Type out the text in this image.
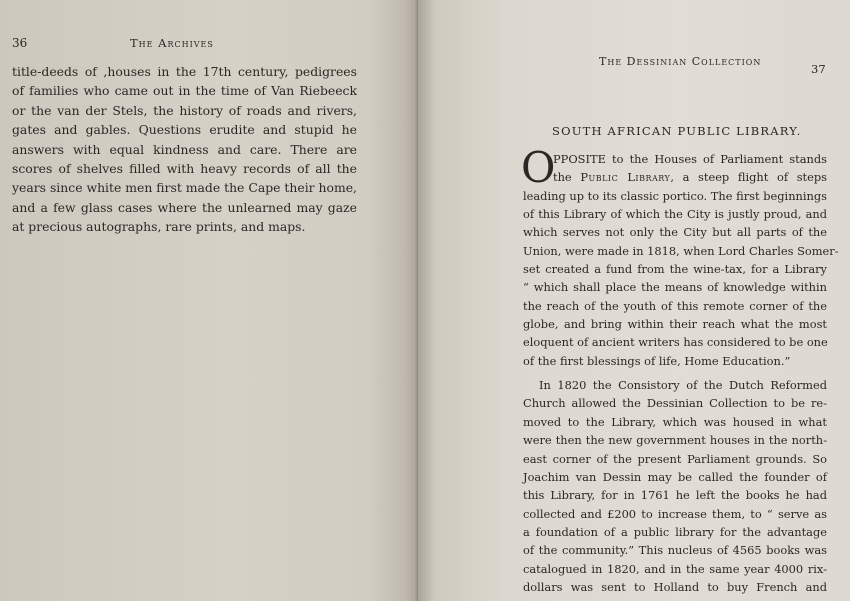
36	The Archives
title-deeds of ,houses in the 17th century, pedigrees
of families who came out in the time of Van Riebeeck
or the van der Stels, the history of roads and rivers,
gates and gables. Questions erudite and stupid he
answers with equal kindness and care. There are
scores of shelves filled with heavy records of all the
years since white men first made the Cape their home,
and a few glass cases where the unlearned may gaze
at precious autographs, rare prints, and maps.
The Dessinian Collection
37
SOUTH AFRICAN PUBLIC LIBRARY.
O
PPOSITE to the Houses of Parliament stands
the Public Library, a steep flight of steps
leading up to its classic portico. The first beginnings
of this Library of which the City is justly proud, and
which serves not only the City but all parts of the
Union, were made in 1818, when Lord Charles Somer-
set created a fund from the wine-tax, for a Library
“ which shall place the means of knowledge within
the reach of the youth of this remote corner of the
globe, and bring within their reach what the most
eloquent of ancient writers has considered to be one
of the first blessings of life, Home Education.”
In 1820 the Consistory of the Dutch Reformed
Church allowed the Dessinian Collection to be re-
moved to the Library, which was housed in what
were then the new government houses in the north-
east corner of the present Parliament grounds. So
Joachim van Dessin may be called the founder of
this Library, for in 1761 he left the books he had
collected and £200 to increase them, to “ serve as
a foundation of a public library for the advantage
of the community.” This nucleus of 4565 books was
catalogued in 1820, and in the same year 4000 rix-
dollars was sent to Holland to buy French and
